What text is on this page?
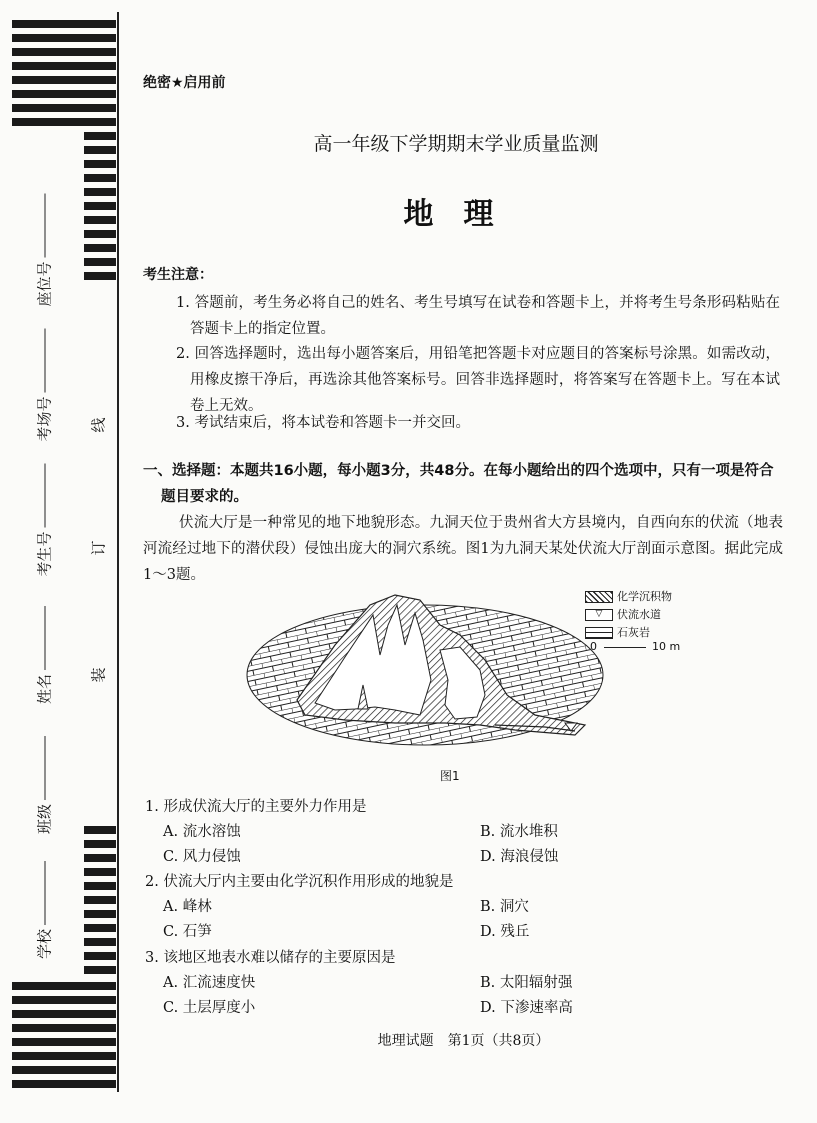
座位号
考场号
考生号
姓名
班级
学校
线
订
装
绝密★启用前
高一年级下学期期末学业质量监测
地理
考生注意：
1. 答题前，考生务必将自己的姓名、考生号填写在试卷和答题卡上，并将考生号条形码粘贴在答题卡上的指定位置。
2. 回答选择题时，选出每小题答案后，用铅笔把答题卡对应题目的答案标号涂黑。如需改动，用橡皮擦干净后，再选涂其他答案标号。回答非选择题时，将答案写在答题卡上。写在本试卷上无效。
3. 考试结束后，将本试卷和答题卡一并交回。
一、选择题：本题共16小题，每小题3分，共48分。在每小题给出的四个选项中，只有一项是符合题目要求的。
伏流大厅是一种常见的地下地貌形态。九洞天位于贵州省大方县境内，自西向东的伏流（地表河流经过地下的潜伏段）侵蚀出庞大的洞穴系统。图1为九洞天某处伏流大厅剖面示意图。据此完成1～3题。
化学沉积物
▽ 伏流水道
石灰岩
0	10 m
图1
1. 形成伏流大厅的主要外力作用是
A. 流水溶蚀	B. 流水堆积
C. 风力侵蚀	D. 海浪侵蚀
2. 伏流大厅内主要由化学沉积作用形成的地貌是
A. 峰林	B. 洞穴
C. 石笋	D. 残丘
3. 该地区地表水难以储存的主要原因是
A. 汇流速度快	B. 太阳辐射强
C. 土层厚度小	D. 下渗速率高
地理试题　第1页（共8页）
